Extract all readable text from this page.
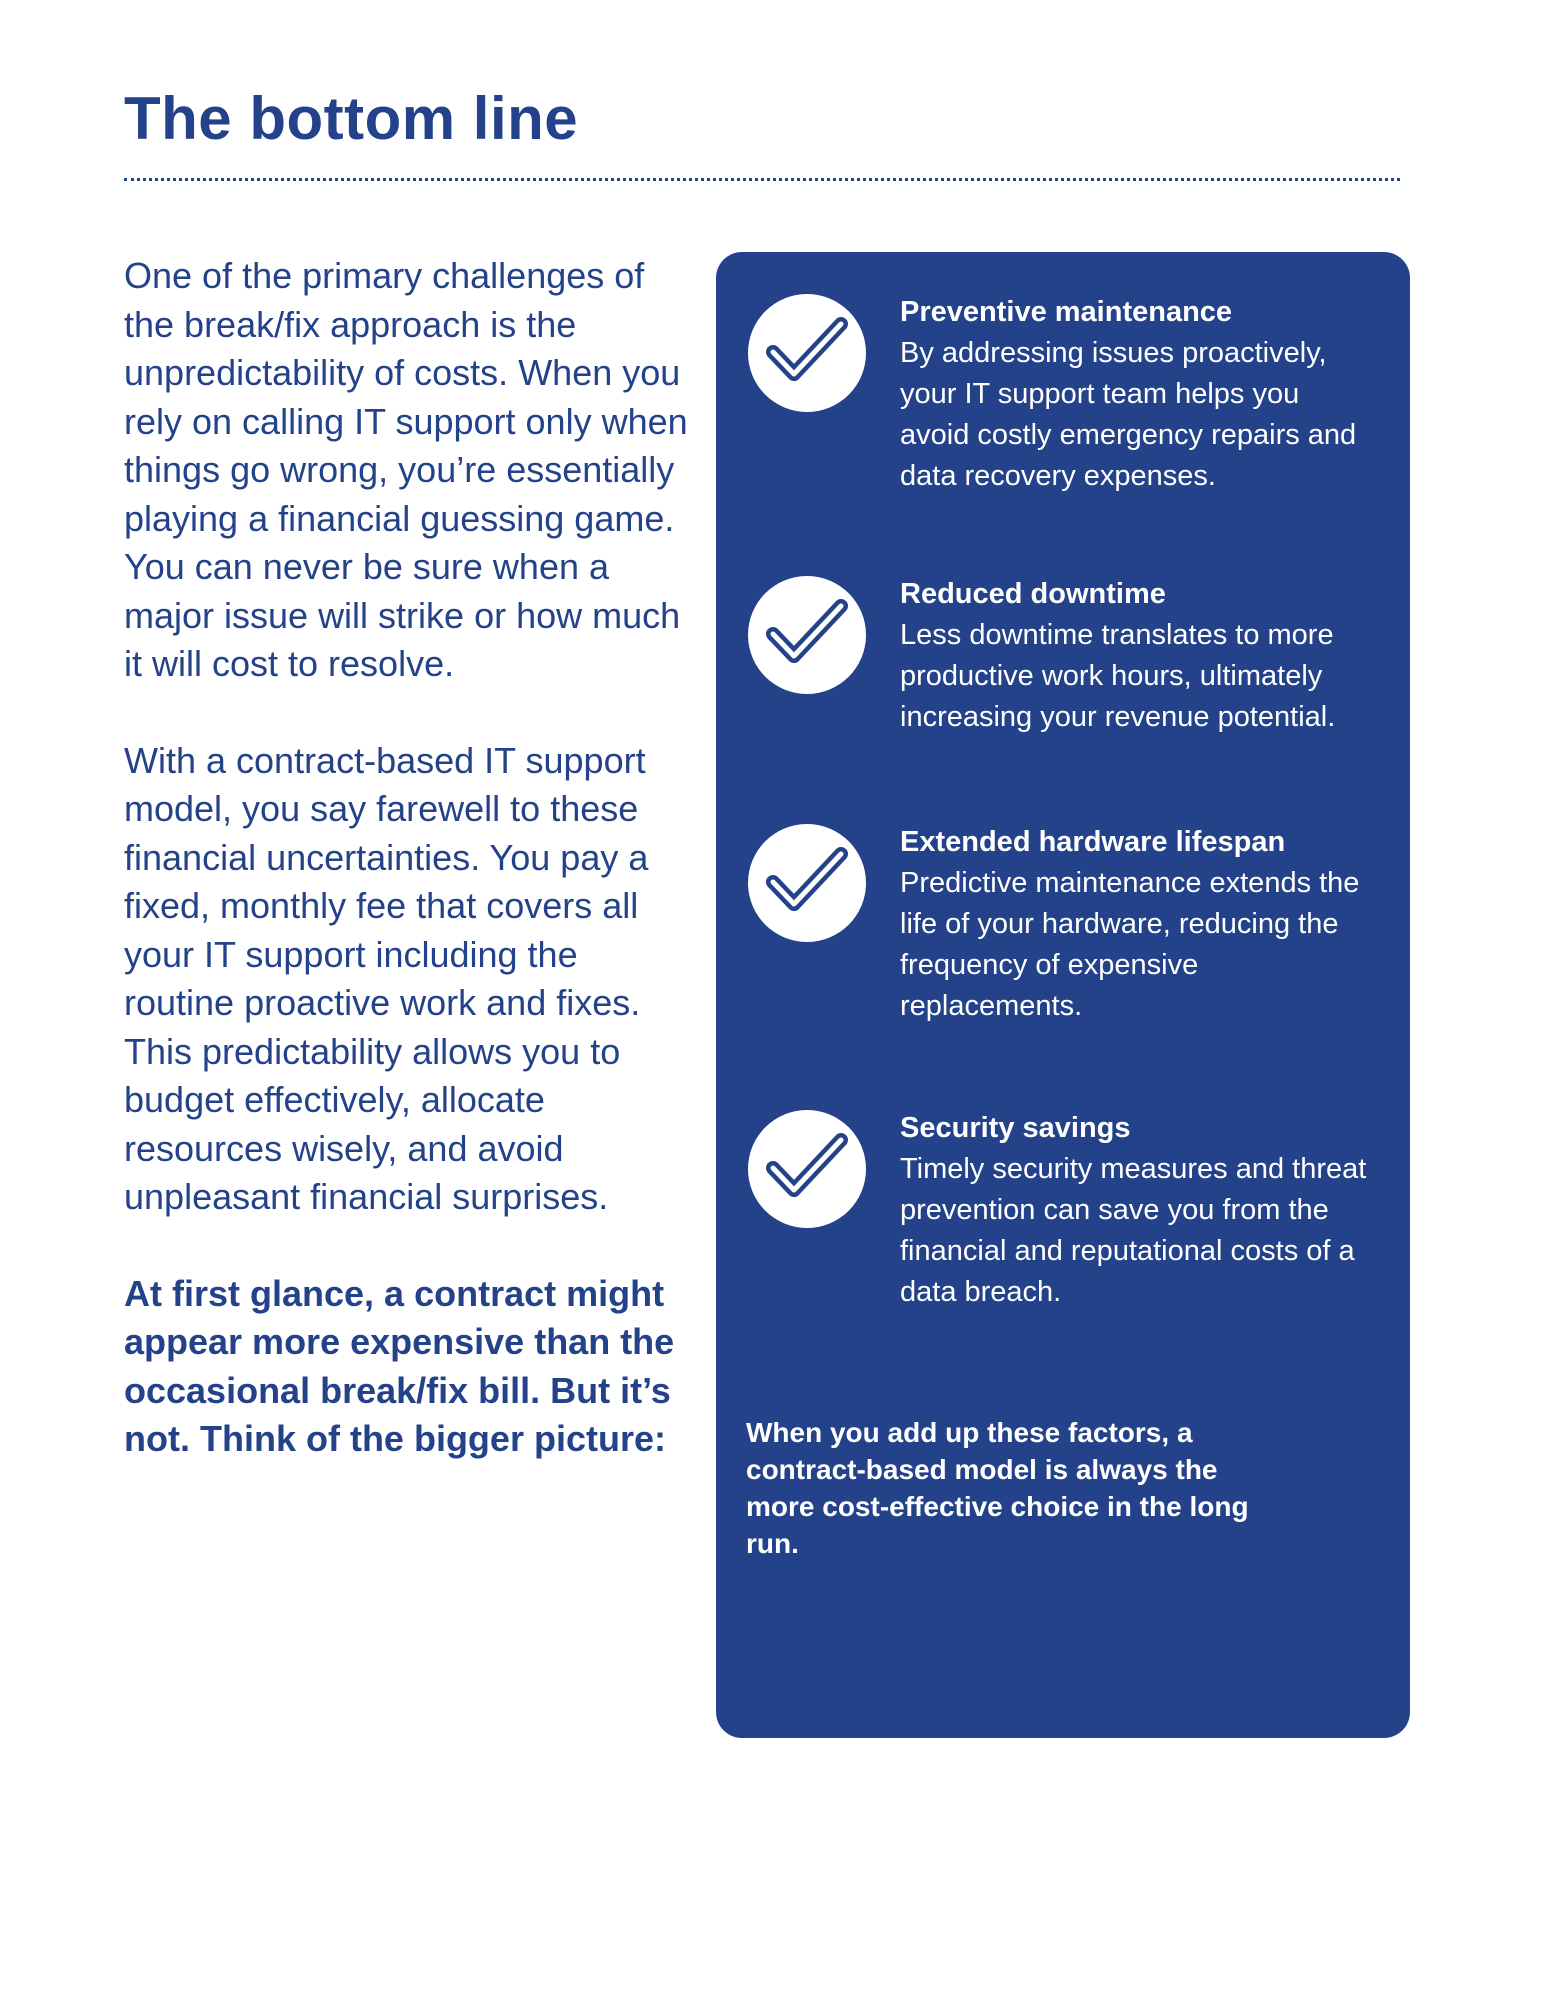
The bottom line

One of the primary challenges of the break/fix approach is the unpredictability of costs. When you rely on calling IT support only when things go wrong, you’re essentially playing a financial guessing game. You can never be sure when a major issue will strike or how much it will cost to resolve.

With a contract-based IT support model, you say farewell to these financial uncertainties. You pay a fixed, monthly fee that covers all your IT support including the routine proactive work and fixes. This predictability allows you to budget effectively, allocate resources wisely, and avoid unpleasant financial surprises.

At first glance, a contract might appear more expensive than the occasional break/fix bill. But it’s not. Think of the bigger picture:

Preventive maintenance
By addressing issues proactively, your IT support team helps you avoid costly emergency repairs and data recovery expenses.
Reduced downtime
Less downtime translates to more productive work hours, ultimately increasing your revenue potential.
Extended hardware lifespan
Predictive maintenance extends the life of your hardware, reducing the frequency of expensive replacements.
Security savings
Timely security measures and threat prevention can save you from the financial and reputational costs of a data breach.
When you add up these factors, a contract-based model is always the more cost-effective choice in the long run.
